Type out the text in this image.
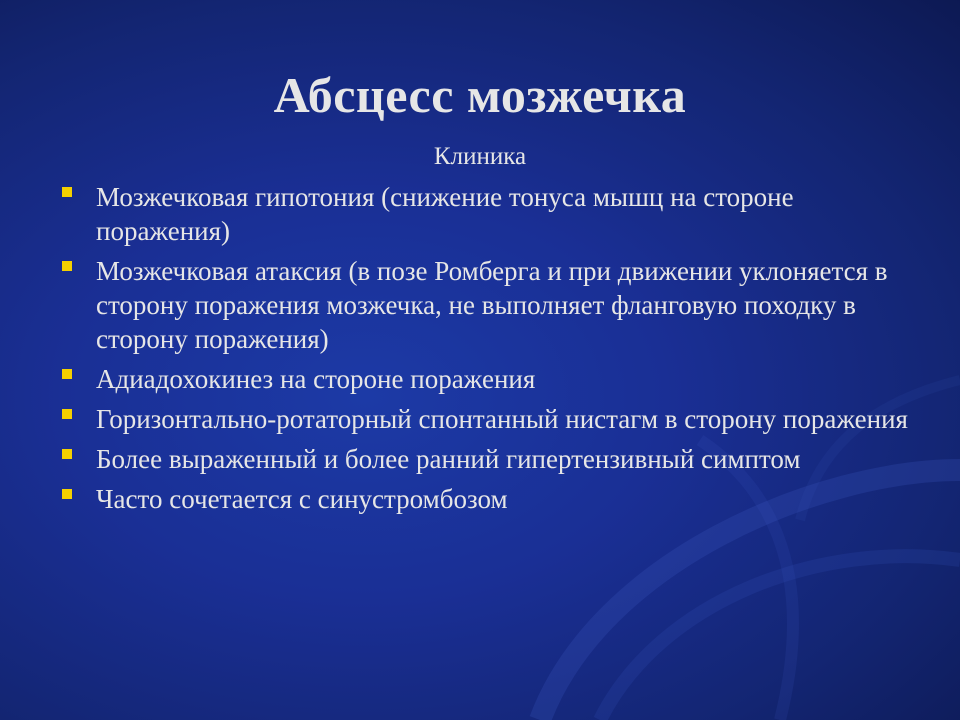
Абсцесс мозжечка
Клиника
Мозжечковая гипотония (снижение тонуса мышц на стороне поражения)
Мозжечковая атаксия (в позе Ромберга и при движении уклоняется в сторону поражения мозжечка, не выполняет фланговую походку в сторону поражения)
Адиадохокинез на стороне поражения
Горизонтально-ротаторный спонтанный нистагм в сторону поражения
Более выраженный и более ранний гипертензивный симптом
Часто сочетается с синустромбозом
